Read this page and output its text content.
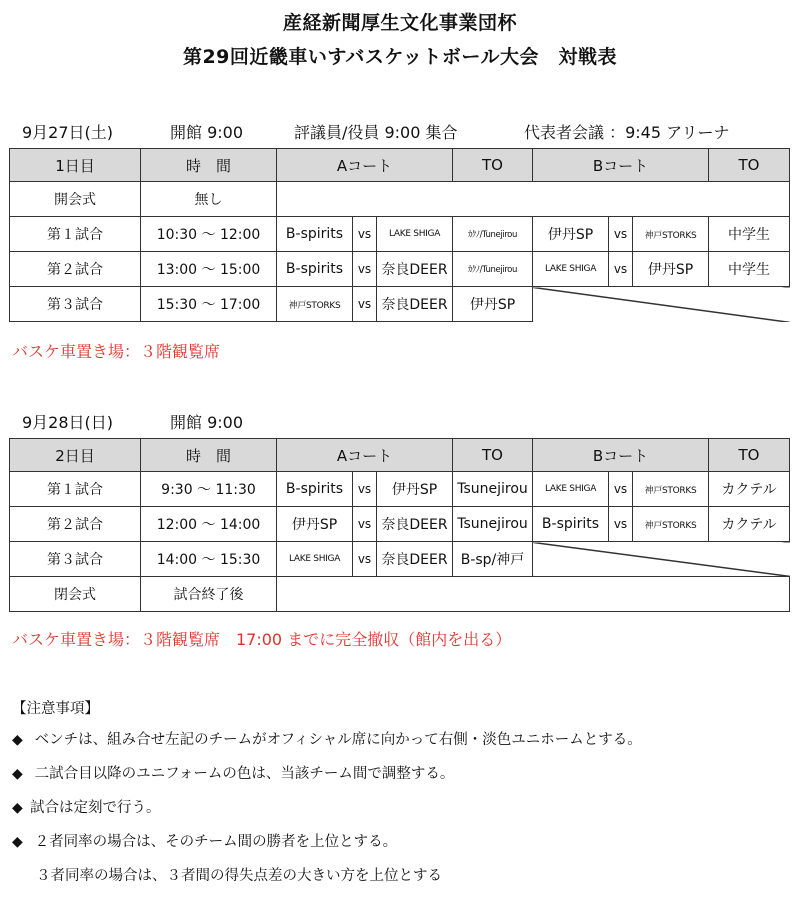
産経新聞厚生文化事業団杯
第29回近畿車いすバスケットボール大会　対戦表
9月27日(土)	開館 9:00	評議員/役員 9:00 集合	代表者会議 ：9:45 アリーナ
1日目	時　間	Aコート			TO	Bコート			TO
開会式	無し								
第１試合	10:30 ～ 12:00	B-spirits	vs	LAKE SHIGA	ｶｸﾉ/Tunejirou	伊丹SP	vs	神戸STORKS	中学生
第２試合	13:00 ～ 15:00	B-spirits	vs	奈良DEER	ｶｸﾉ/Tunejirou	LAKE SHIGA	vs	伊丹SP	中学生
第３試合	15:30 ～ 17:00	神戸STORKS	vs	奈良DEER	伊丹SP				
バスケ車置き場：３階観覧席
9月28日(日)	開館 9:00
2日目	時　間	Aコート			TO	Bコート			TO
第１試合	9:30 ～ 11:30	B-spirits	vs	伊丹SP	Tsunejirou	LAKE SHIGA	vs	神戸STORKS	カクテル
第２試合	12:00 ～ 14:00	伊丹SP	vs	奈良DEER	Tsunejirou	B-spirits	vs	神戸STORKS	カクテル
第３試合	14:00 ～ 15:30	LAKE SHIGA	vs	奈良DEER	B-sp/神戸				
閉会式	試合終了後								
バスケ車置き場：３階観覧席　17:00 までに完全撤収（館内を出る）
【注意事項】
◆ ベンチは、組み合せ左記のチームがオフィシャル席に向かって右側・淡色ユニホームとする。
◆ 二試合目以降のユニフォームの色は、当該チーム間で調整する。
◆ 試合は定刻で行う。
◆ ２者同率の場合は、そのチーム間の勝者を上位とする。
３者同率の場合は、３者間の得失点差の大きい方を上位とする
